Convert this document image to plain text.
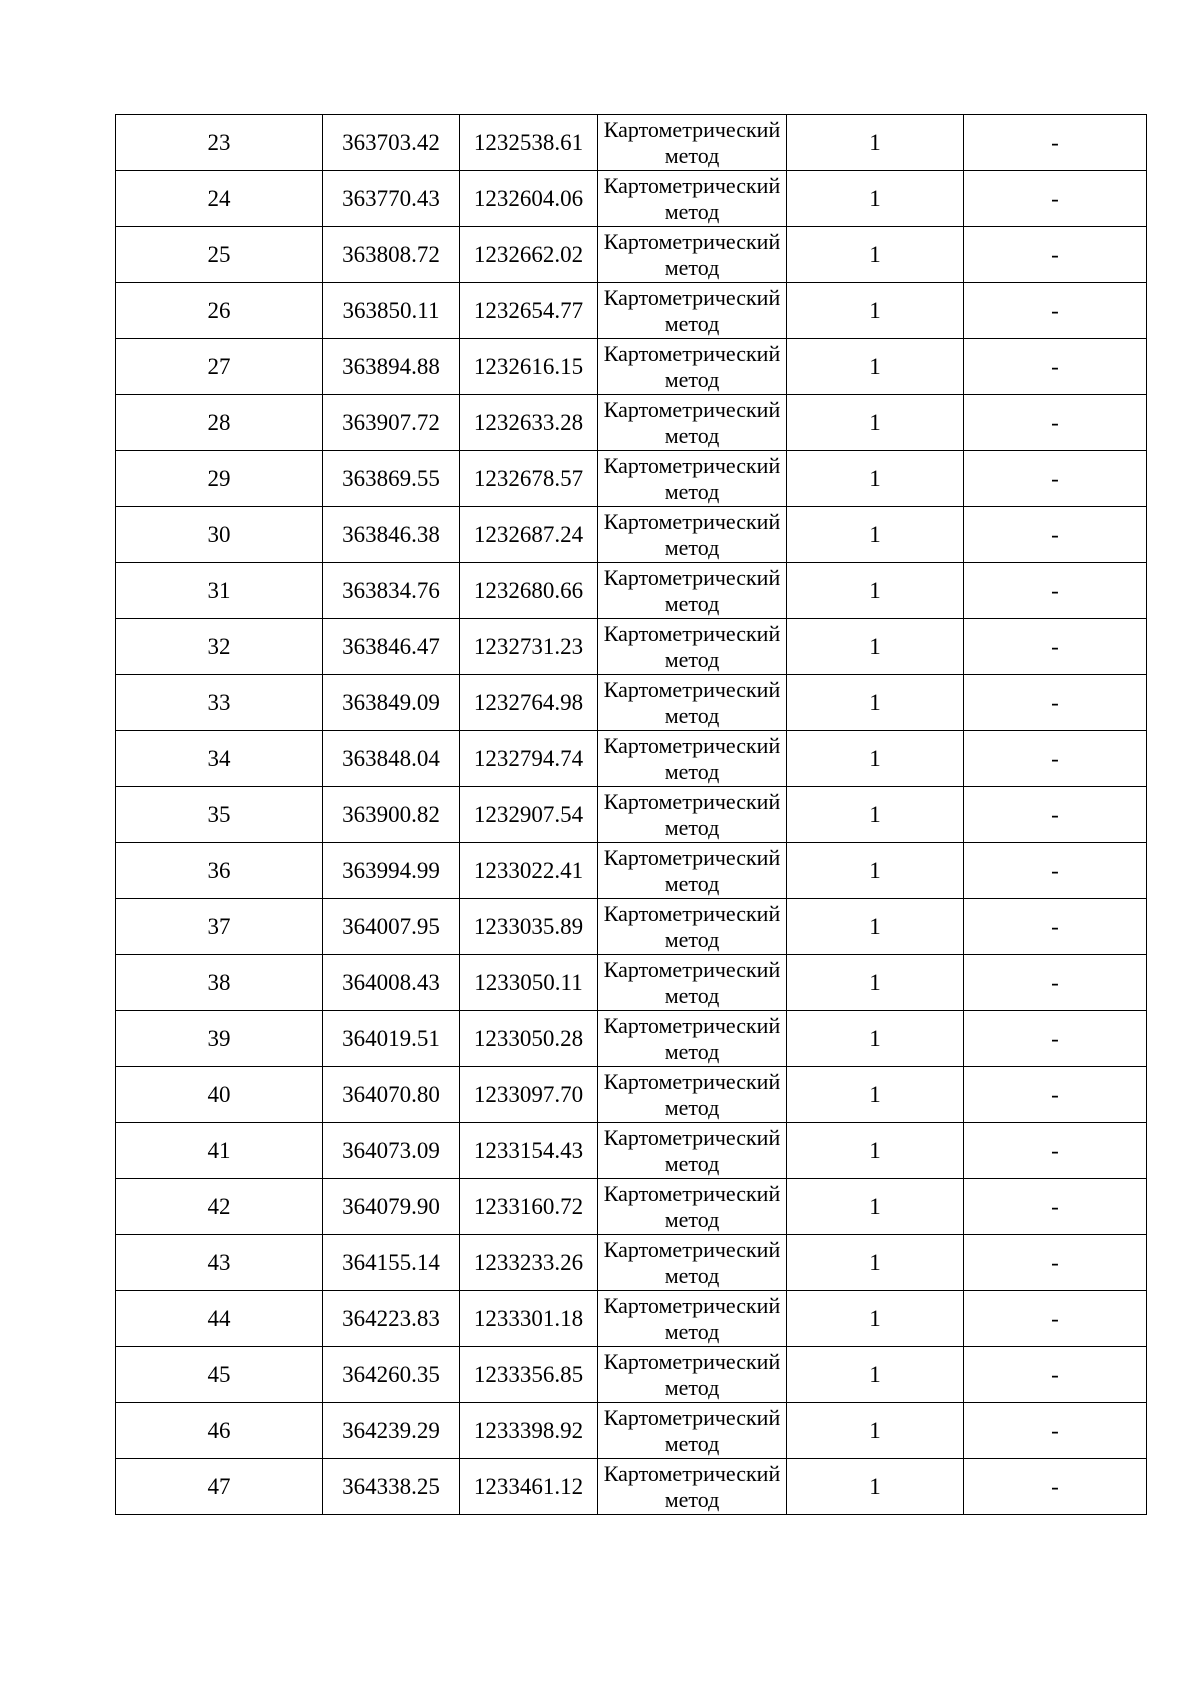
23	363703.42	1232538.61	Картометрический метод	1	-
24	363770.43	1232604.06	Картометрический метод	1	-
25	363808.72	1232662.02	Картометрический метод	1	-
26	363850.11	1232654.77	Картометрический метод	1	-
27	363894.88	1232616.15	Картометрический метод	1	-
28	363907.72	1232633.28	Картометрический метод	1	-
29	363869.55	1232678.57	Картометрический метод	1	-
30	363846.38	1232687.24	Картометрический метод	1	-
31	363834.76	1232680.66	Картометрический метод	1	-
32	363846.47	1232731.23	Картометрический метод	1	-
33	363849.09	1232764.98	Картометрический метод	1	-
34	363848.04	1232794.74	Картометрический метод	1	-
35	363900.82	1232907.54	Картометрический метод	1	-
36	363994.99	1233022.41	Картометрический метод	1	-
37	364007.95	1233035.89	Картометрический метод	1	-
38	364008.43	1233050.11	Картометрический метод	1	-
39	364019.51	1233050.28	Картометрический метод	1	-
40	364070.80	1233097.70	Картометрический метод	1	-
41	364073.09	1233154.43	Картометрический метод	1	-
42	364079.90	1233160.72	Картометрический метод	1	-
43	364155.14	1233233.26	Картометрический метод	1	-
44	364223.83	1233301.18	Картометрический метод	1	-
45	364260.35	1233356.85	Картометрический метод	1	-
46	364239.29	1233398.92	Картометрический метод	1	-
47	364338.25	1233461.12	Картометрический метод	1	-
